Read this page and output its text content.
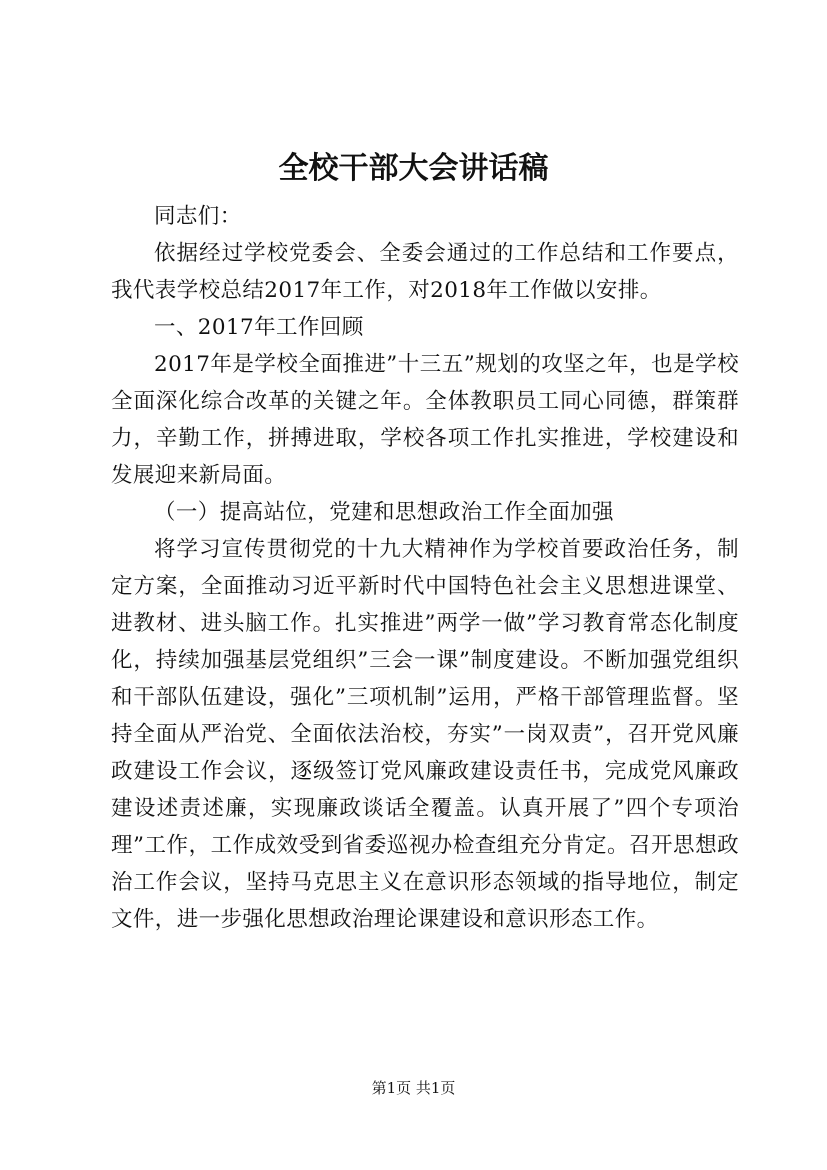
全校干部大会讲话稿

同志们：

依据经过学校党委会、全委会通过的工作总结和工作要点，我代表学校总结2017年工作，对2018年工作做以安排。

一、2017年工作回顾

2017年是学校全面推进”十三五”规划的攻坚之年，也是学校全面深化综合改革的关键之年。全体教职员工同心同德，群策群力，辛勤工作，拼搏进取，学校各项工作扎实推进，学校建设和发展迎来新局面。

（一）提高站位，党建和思想政治工作全面加强

将学习宣传贯彻党的十九大精神作为学校首要政治任务，制定方案，全面推动习近平新时代中国特色社会主义思想进课堂、进教材、进头脑工作。扎实推进”两学一做”学习教育常态化制度化，持续加强基层党组织”三会一课”制度建设。不断加强党组织和干部队伍建设，强化”三项机制”运用，严格干部管理监督。坚持全面从严治党、全面依法治校，夯实”一岗双责”，召开党风廉政建设工作会议，逐级签订党风廉政建设责任书，完成党风廉政建设述责述廉，实现廉政谈话全覆盖。认真开展了”四个专项治理”工作，工作成效受到省委巡视办检查组充分肯定。召开思想政治工作会议，坚持马克思主义在意识形态领域的指导地位，制定文件，进一步强化思想政治理论课建设和意识形态工作。

第1页 共1页
